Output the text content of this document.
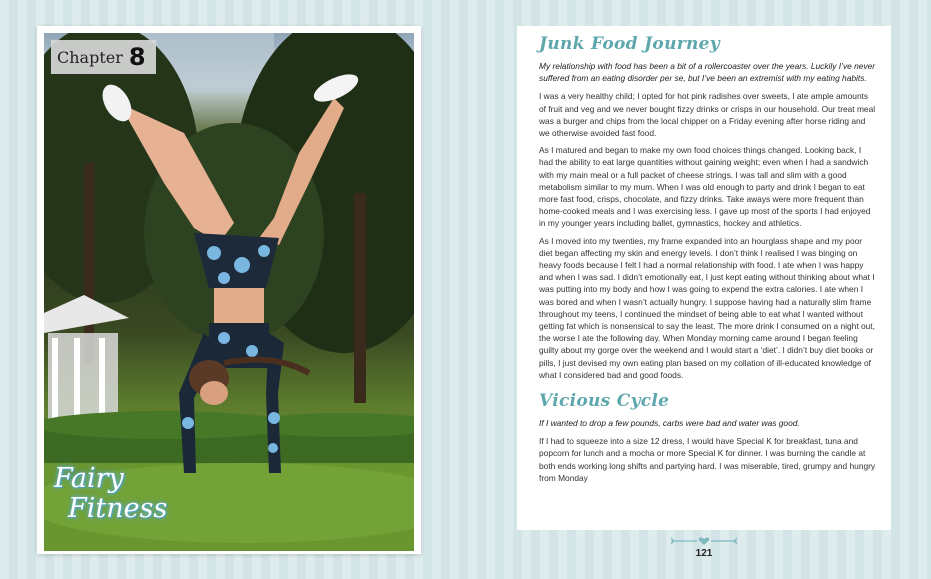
Chapter 8
Fairy
Fitness
Junk Food Journey

My relationship with food has been a bit of a rollercoaster over the years. Luckily I’ve never suffered from an eating disorder per se, but I’ve been an extremist with my eating habits.

I was a very healthy child; I opted for hot pink radishes over sweets, I ate ample amounts of fruit and veg and we never bought fizzy drinks or crisps in our household. Our treat meal was a burger and chips from the local chipper on a Friday evening after horse riding and we otherwise avoided fast food.

As I matured and began to make my own food choices things changed. Looking back, I had the ability to eat large quantities without gaining weight; even when I had a sandwich with my main meal or a full packet of cheese strings. I was tall and slim with a good metabolism similar to my mum. When I was old enough to party and drink I began to eat more fast food, crisps, chocolate, and fizzy drinks. Take aways were more frequent than home-cooked meals and I was exercising less. I gave up most of the sports I had enjoyed in my younger years including ballet, gymnastics, hockey and athletics.

As I moved into my twenties, my frame expanded into an hourglass shape and my poor diet began affecting my skin and energy levels. I don’t think I realised I was binging on heavy foods because I felt I had a normal relationship with food. I ate when I was happy and when I was sad. I didn’t emotionally eat, I just kept eating without thinking about what I was putting into my body and how I was going to expend the extra calories. I ate when I was bored and when I wasn’t actually hungry. I suppose having had a naturally slim frame throughout my teens, I continued the mindset of being able to eat what I wanted without getting fat which is nonsensical to say the least. The more drink I consumed on a night out, the worse I ate the following day. When Monday morning came around I began feeling guilty about my gorge over the weekend and I would start a ‘diet’. I didn’t buy diet books or pills, I just devised my own eating plan based on my collation of ill-educated knowledge of what I considered bad and good foods.

Vicious Cycle

If I wanted to drop a few pounds, carbs were bad and water was good.

If I had to squeeze into a size 12 dress, I would have Special K for breakfast, tuna and popcorn for lunch and a mocha or more Special K for dinner. I was burning the candle at both ends working long shifts and partying hard. I was miserable, tired, grumpy and hungry from Monday

121
